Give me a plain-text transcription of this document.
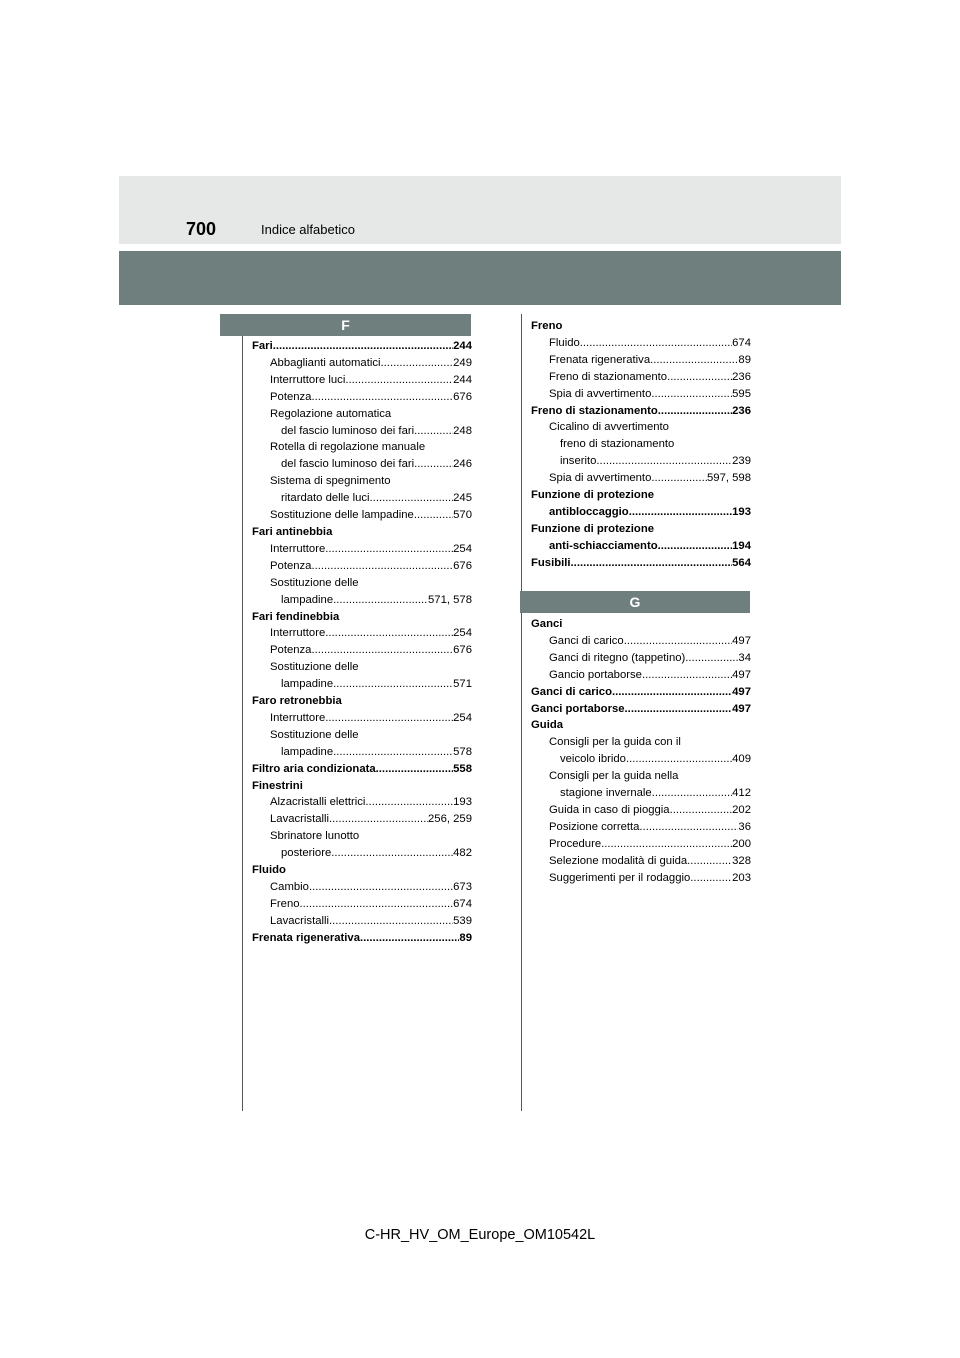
700	Indice alfabetico
F
Fari .....	244
Abbaglianti automatici .....	249
Interruttore luci .....	244
Potenza .....	676
Regolazione automatica
del fascio luminoso dei fari .....	248
Rotella di regolazione manuale
del fascio luminoso dei fari .....	246
Sistema di spegnimento
ritardato delle luci .....	245
Sostituzione delle lampadine .....	570
Fari antinebbia
Interruttore .....	254
Potenza .....	676
Sostituzione delle
lampadine .....	571, 578
Fari fendinebbia
Interruttore .....	254
Potenza .....	676
Sostituzione delle
lampadine .....	571
Faro retronebbia
Interruttore .....	254
Sostituzione delle
lampadine .....	578
Filtro aria condizionata .....	558
Finestrini
Alzacristalli elettrici .....	193
Lavacristalli .....	256, 259
Sbrinatore lunotto
posteriore .....	482
Fluido
Cambio .....	673
Freno .....	674
Lavacristalli .....	539
Frenata rigenerativa .....	89
Freno
Fluido .....	674
Frenata rigenerativa .....	89
Freno di stazionamento .....	236
Spia di avvertimento .....	595
Freno di stazionamento .....	236
Cicalino di avvertimento
freno di stazionamento
inserito .....	239
Spia di avvertimento .....	597, 598
Funzione di protezione
antibloccaggio .....	193
Funzione di protezione
anti-schiacciamento .....	194
Fusibili .....	564
G
Ganci
Ganci di carico .....	497
Ganci di ritegno (tappetino) .....	34
Gancio portaborse .....	497
Ganci di carico .....	497
Ganci portaborse .....	497
Guida
Consigli per la guida con il
veicolo ibrido .....	409
Consigli per la guida nella
stagione invernale .....	412
Guida in caso di pioggia .....	202
Posizione corretta .....	36
Procedure .....	200
Selezione modalità di guida .....	328
Suggerimenti per il rodaggio .....	203
C-HR_HV_OM_Europe_OM10542L
